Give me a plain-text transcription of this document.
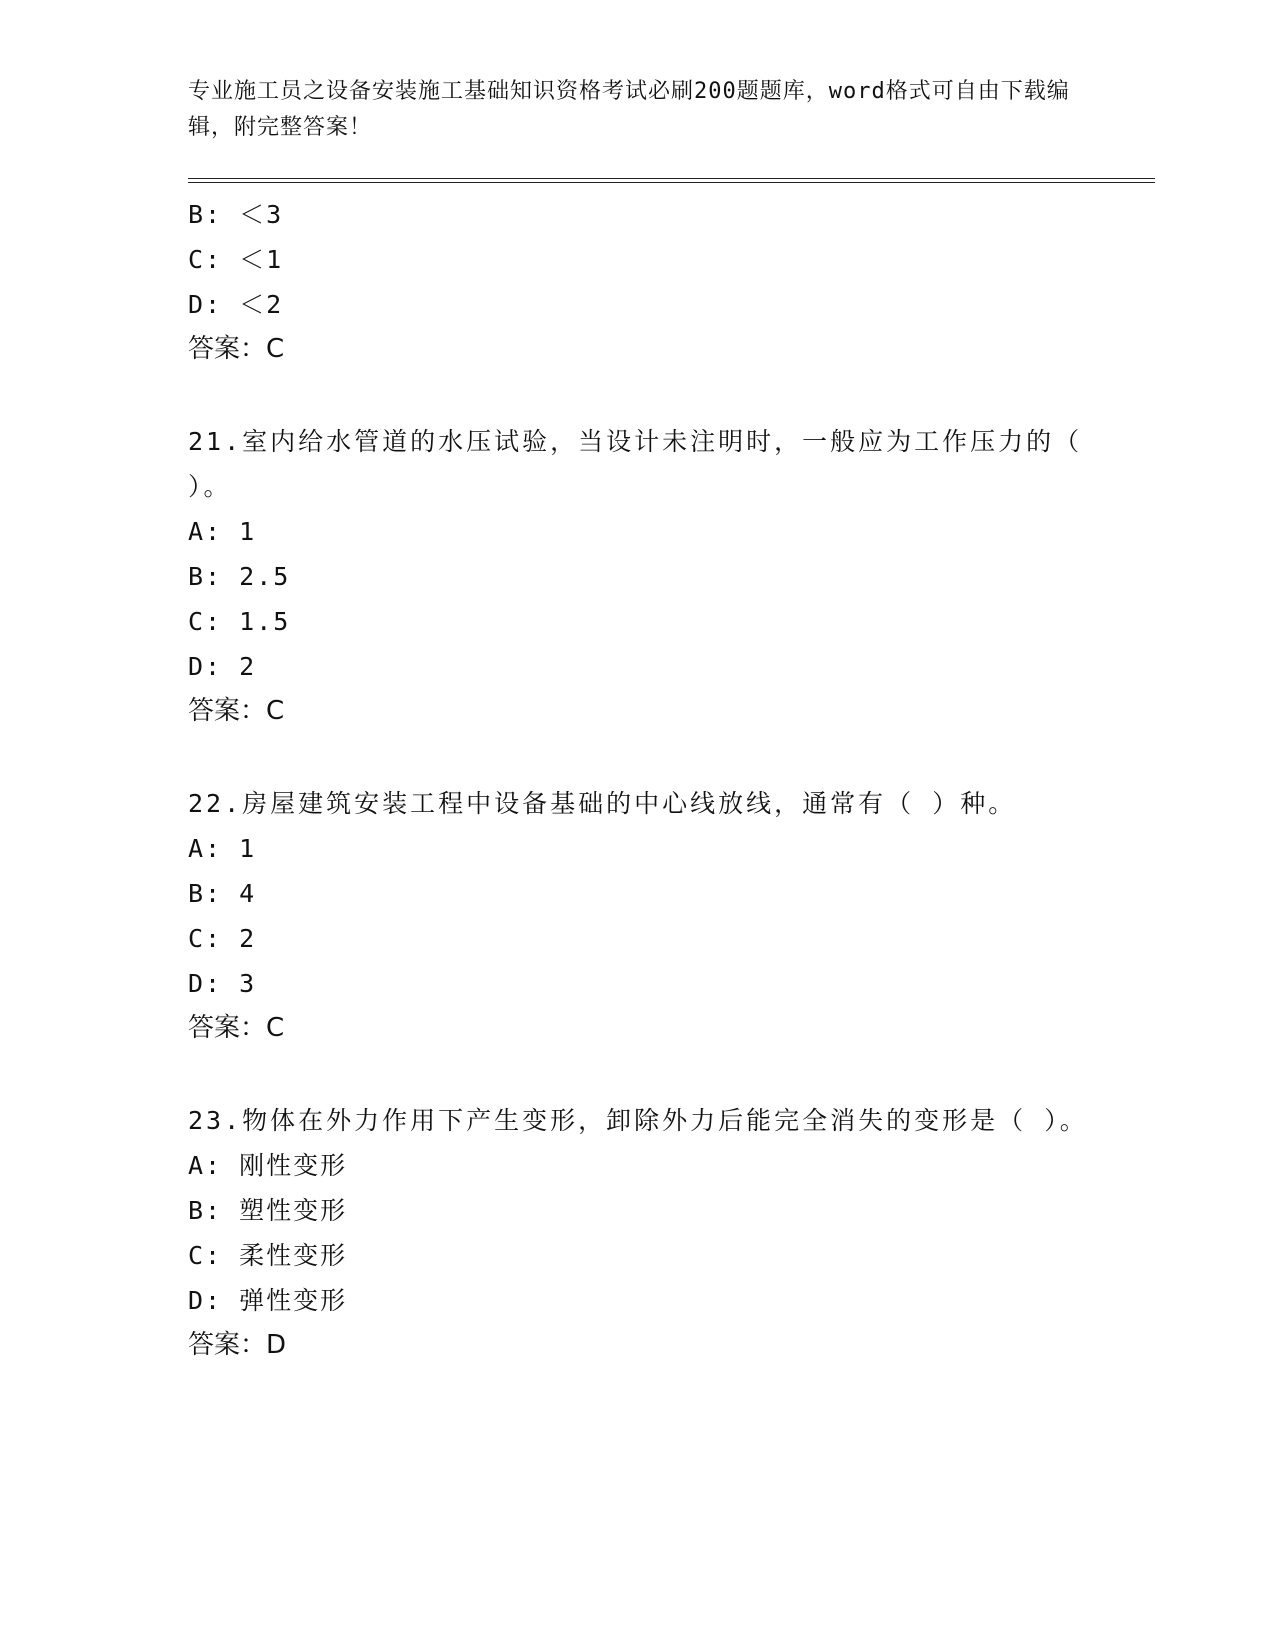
专业施工员之设备安装施工基础知识资格考试必刷200题题库，word格式可自由下载编辑，附完整答案！
B: ＜3
C: ＜1
D: ＜2
答案：C
21.室内给水管道的水压试验，当设计未注明时，一般应为工作压力的（ ）。
A: 1
B: 2.5
C: 1.5
D: 2
答案：C
22.房屋建筑安装工程中设备基础的中心线放线，通常有（ ）种。
A: 1
B: 4
C: 2
D: 3
答案：C
23.物体在外力作用下产生变形，卸除外力后能完全消失的变形是（ ）。
A: 刚性变形
B: 塑性变形
C: 柔性变形
D: 弹性变形
答案：D
